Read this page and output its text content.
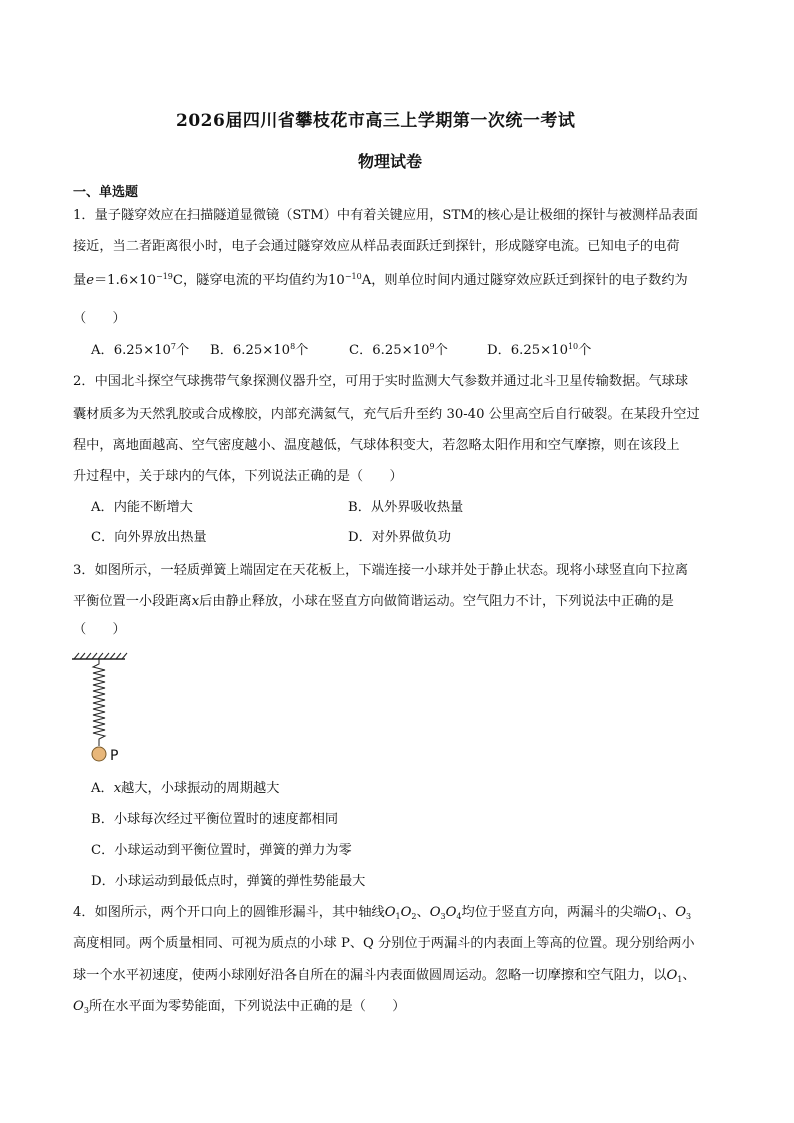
2026届四川省攀枝花市高三上学期第一次统一考试
物理试卷
一、单选题
1．量子隧穿效应在扫描隧道显微镜（STM）中有着关键应用，STM的核心是让极细的探针与被测样品表面
接近，当二者距离很小时，电子会通过隧穿效应从样品表面跃迁到探针，形成隧穿电流。已知电子的电荷
量$e=1.6\times 10^{-19}C$，隧穿电流的平均值约为$10^{-10}A$，则单位时间内通过隧穿效应跃迁到探针的电子数约为
（　　）
A．$6.25\times 10^7$个 B．$6.25\times 10^8$个	C．$6.25\times 10^9$个	D．$6.25\times 10^{10}$个
2．中国北斗探空气球携带气象探测仪器升空，可用于实时监测大气参数并通过北斗卫星传输数据。气球球
囊材质多为天然乳胶或合成橡胶，内部充满氦气，充气后升至约 30-40 公里高空后自行破裂。在某段升空过
程中，离地面越高、空气密度越小、温度越低，气球体积变大，若忽略太阳作用和空气摩擦，则在该段上
升过程中，关于球内的气体，下列说法正确的是（　　）
A．内能不断增大	B．从外界吸收热量
C．向外界放出热量	D．对外界做负功
3．如图所示，一轻质弹簧上端固定在天花板上，下端连接一小球并处于静止状态。现将小球竖直向下拉离
平衡位置一小段距离x后由静止释放，小球在竖直方向做简谐运动。空气阻力不计，下列说法中正确的是
（　　）
P
A．x越大，小球振动的周期越大
B．小球每次经过平衡位置时的速度都相同
C．小球运动到平衡位置时，弹簧的弹力为零
D．小球运动到最低点时，弹簧的弹性势能最大
4．如图所示，两个开口向上的圆锥形漏斗，其中轴线$O_1O_2$、$O_3O_4$均位于竖直方向，两漏斗的尖端$O_1$、$O_3$
高度相同。两个质量相同、可视为质点的小球 P、Q 分别位于两漏斗的内表面上等高的位置。现分别给两小
球一个水平初速度，使两小球刚好沿各自所在的漏斗内表面做圆周运动。忽略一切摩擦和空气阻力，以$O_1$、
$O_3$所在水平面为零势能面，下列说法中正确的是（　　）
